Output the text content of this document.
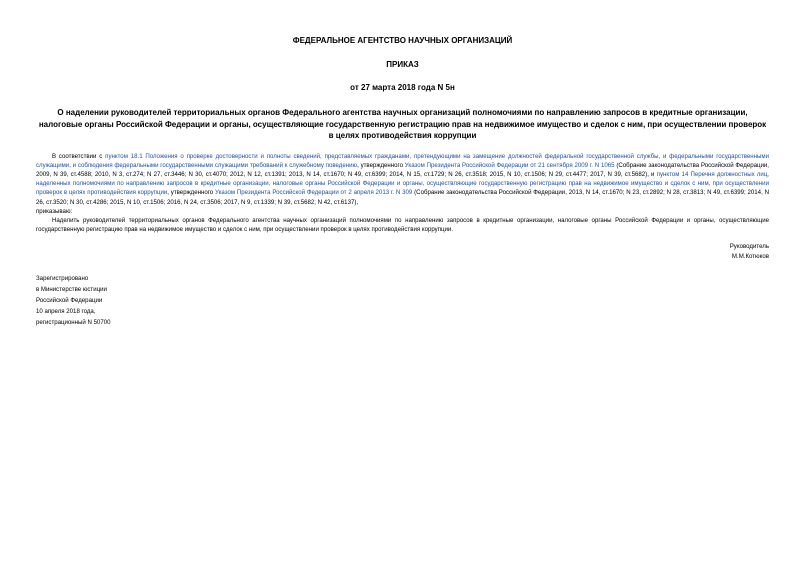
ФЕДЕРАЛЬНОЕ АГЕНТСТВО НАУЧНЫХ ОРГАНИЗАЦИЙ
ПРИКАЗ
от 27 марта 2018 года N 5н
О наделении руководителей территориальных органов Федерального агентства научных организаций полномочиями по направлению запросов в кредитные организации, налоговые органы Российской Федерации и органы, осуществляющие государственную регистрацию прав на недвижимое имущество и сделок с ним, при осуществлении проверок в целях противодействия коррупции
В соответствии с пунктом 18.1 Положения о проверке достоверности и полноты сведений, представляемых гражданами, претендующими на замещение должностей федеральной государственной службы, и федеральными государственными служащими, и соблюдения федеральными государственными служащими требований к служебному поведению, утвержденного Указом Президента Российской Федерации от 21 сентября 2009 г. N 1065 (Собрание законодательства Российской Федерации, 2009, N 39, ст.4588; 2010, N 3, ст.274; N 27, ст.3446; N 30, ст.4070; 2012, N 12, ст.1391; 2013, N 14, ст.1670; N 49, ст.6399; 2014, N 15, ст.1729; N 26, ст.3518; 2015, N 10, ст.1506; N 29, ст.4477; 2017, N 39, ст.5682), и пунктом 14 Перечня должностных лиц, наделенных полномочиями по направлению запросов в кредитные организации, налоговые органы Российской Федерации и органы, осуществляющие государственную регистрацию прав на недвижимое имущество и сделок с ним, при осуществлении проверок в целях противодействия коррупции, утвержденного Указом Президента Российской Федерации от 2 апреля 2013 г. N 309 (Собрание законодательства Российской Федерации, 2013, N 14, ст.1670; N 23, ст.2892; N 28, ст.3813; N 49, ст.6399; 2014, N 26, ст.3520; N 30, ст.4286; 2015, N 10, ст.1506; 2016, N 24, ст.3506; 2017, N 9, ст.1339; N 39, ст.5682; N 42, ст.6137),
приказываю:
Наделить руководителей территориальных органов Федерального агентства научных организаций полномочиями по направлению запросов в кредитные организации, налоговые органы Российской Федерации и органы, осуществляющие государственную регистрацию прав на недвижимое имущество и сделок с ним, при осуществлении проверок в целях противодействия коррупции.
Руководитель
М.М.Котюков
Зарегистрировано
в Министерстве юстиции
Российской Федерации
10 апреля 2018 года,
регистрационный N 50700
